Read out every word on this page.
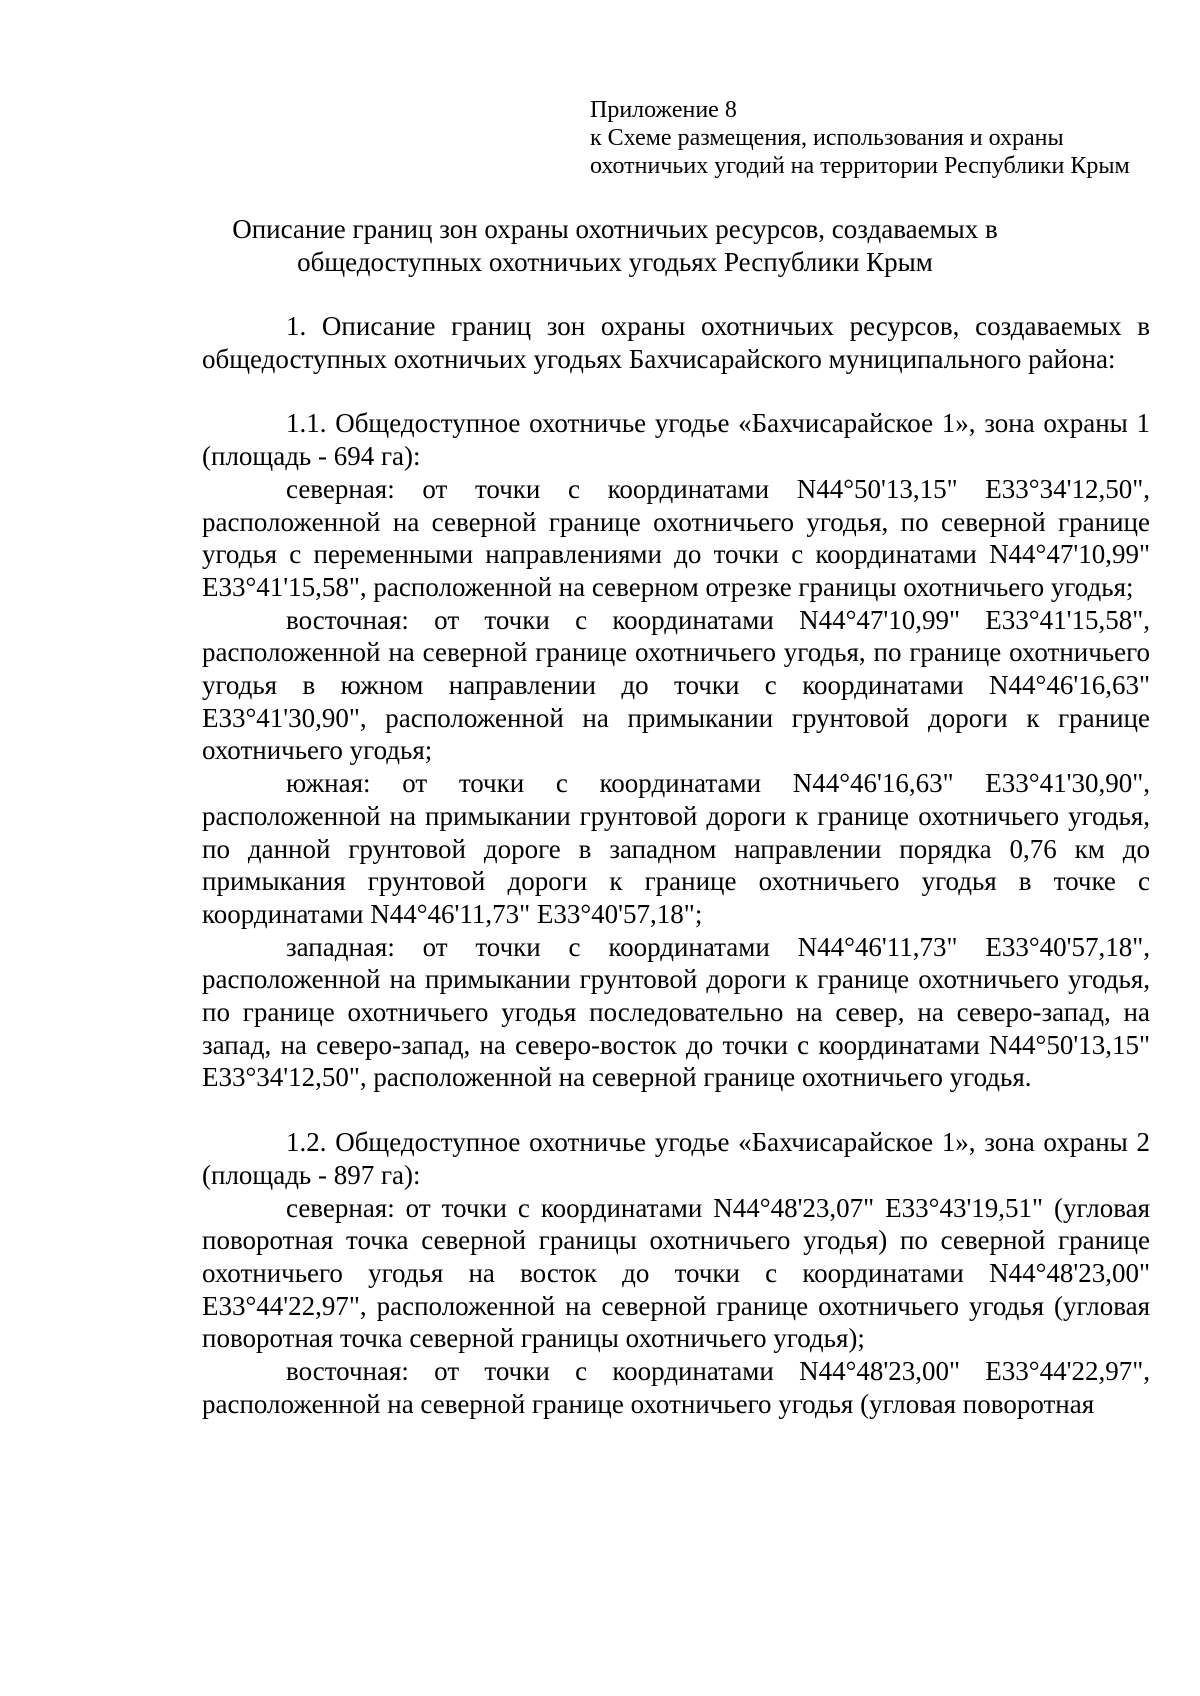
Приложение 8
к Схеме размещения, использования и охраны
охотничьих угодий на территории Республики Крым
Описание границ зон охраны охотничьих ресурсов, создаваемых в
общедоступных охотничьих угодьях Республики Крым

1. Описание границ зон охраны охотничьих ресурсов, создаваемых в общедоступных охотничьих угодьях Бахчисарайского муниципального района:

1.1. Общедоступное охотничье угодье «Бахчисарайское 1», зона охраны 1 (площадь - 694 га):

северная: от точки с координатами N44°50'13,15" E33°34'12,50", расположенной на северной границе охотничьего угодья, по северной границе угодья с переменными направлениями до точки с координатами N44°47'10,99" E33°41'15,58", расположенной на северном отрезке границы охотничьего угодья;

восточная: от точки с координатами N44°47'10,99" E33°41'15,58", расположенной на северной границе охотничьего угодья, по границе охотничьего угодья в южном направлении до точки с координатами N44°46'16,63" E33°41'30,90", расположенной на примыкании грунтовой дороги к границе охотничьего угодья;

южная: от точки с координатами N44°46'16,63" E33°41'30,90", расположенной на примыкании грунтовой дороги к границе охотничьего угодья, по данной грунтовой дороге в западном направлении порядка 0,76 км до примыкания грунтовой дороги к границе охотничьего угодья в точке с координатами N44°46'11,73" E33°40'57,18";

западная: от точки с координатами N44°46'11,73" E33°40'57,18", расположенной на примыкании грунтовой дороги к границе охотничьего угодья, по границе охотничьего угодья последовательно на север, на северо-запад, на запад, на северо-запад, на северо-восток до точки с координатами N44°50'13,15" E33°34'12,50", расположенной на северной границе охотничьего угодья.

1.2. Общедоступное охотничье угодье «Бахчисарайское 1», зона охраны 2 (площадь - 897 га):

северная: от точки с координатами N44°48'23,07" E33°43'19,51" (угловая поворотная точка северной границы охотничьего угодья) по северной границе охотничьего угодья на восток до точки с координатами N44°48'23,00" E33°44'22,97", расположенной на северной границе охотничьего угодья (угловая поворотная точка северной границы охотничьего угодья);

восточная: от точки с координатами N44°48'23,00" E33°44'22,97", расположенной на северной границе охотничьего угодья (угловая поворотная
